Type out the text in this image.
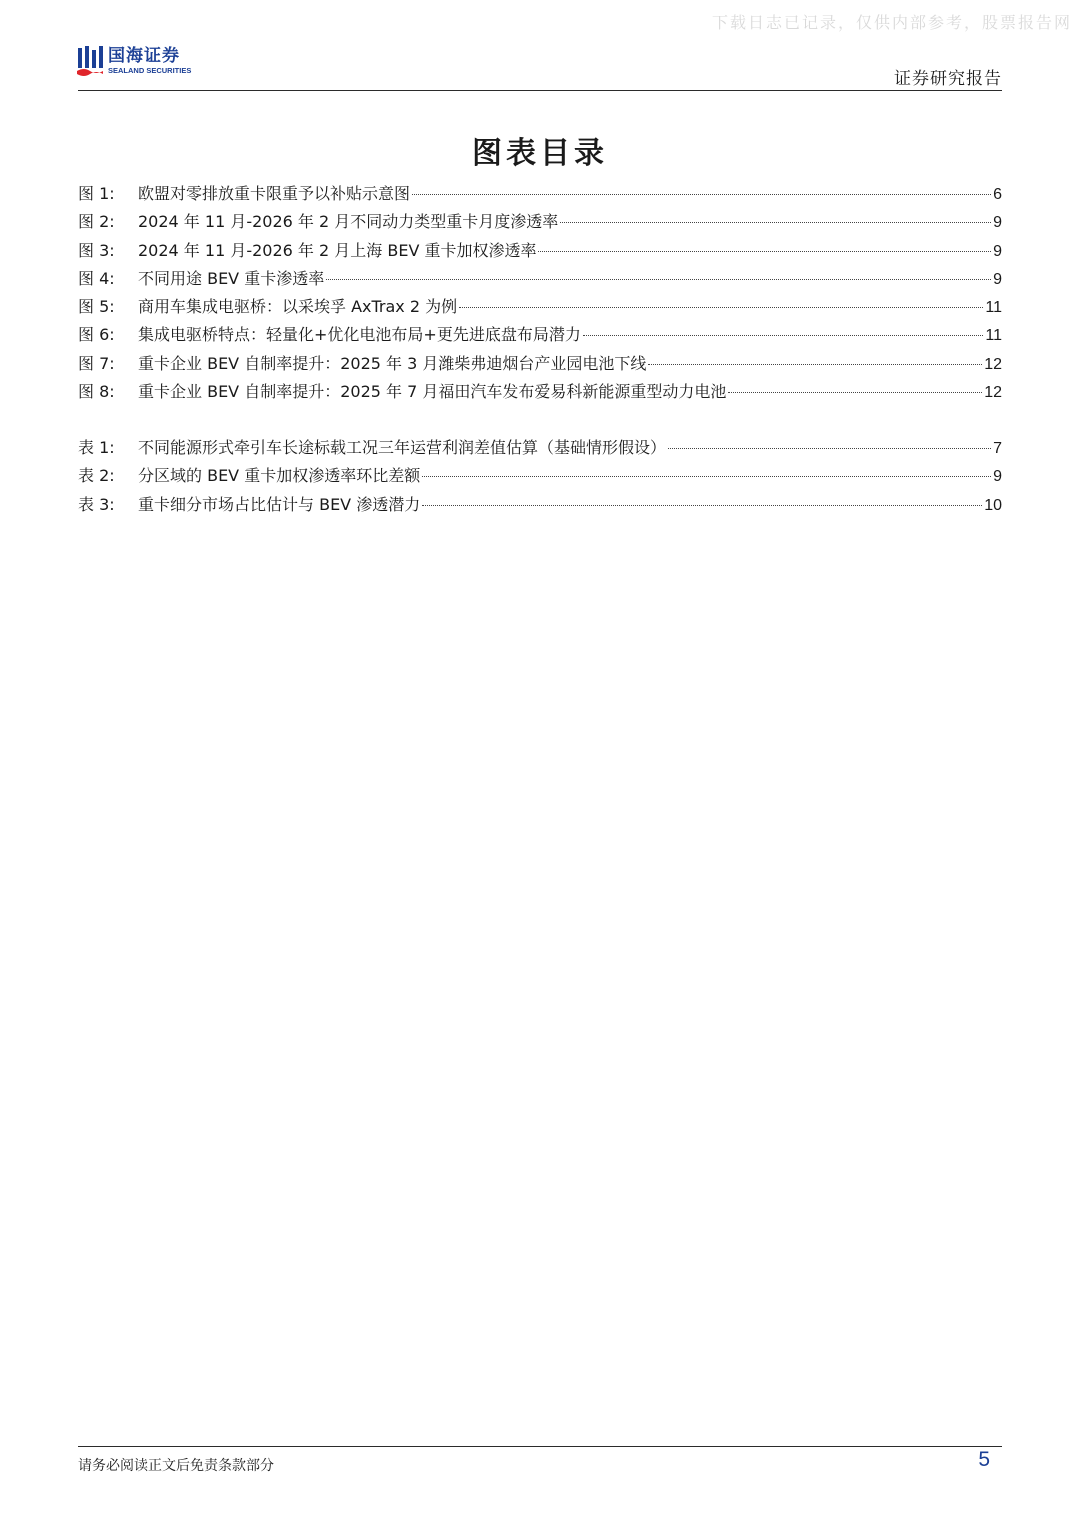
下载日志已记录，仅供内部参考，股票报告网
国海证券
SEALAND SECURITIES	证券研究报告
图表目录
图 1:	欧盟对零排放重卡限重予以补贴示意图	6
图 2:	2024 年 11 月-2026 年 2 月不同动力类型重卡月度渗透率	9
图 3:	2024 年 11 月-2026 年 2 月上海 BEV 重卡加权渗透率	9
图 4:	不同用途 BEV 重卡渗透率	9
图 5:	商用车集成电驱桥：以采埃孚 AxTrax 2 为例	11
图 6:	集成电驱桥特点：轻量化+优化电池布局+更先进底盘布局潜力	11
图 7:	重卡企业 BEV 自制率提升：2025 年 3 月潍柴弗迪烟台产业园电池下线	12
图 8:	重卡企业 BEV 自制率提升：2025 年 7 月福田汽车发布爱易科新能源重型动力电池	12
表 1:	不同能源形式牵引车长途标载工况三年运营利润差值估算（基础情形假设）	7
表 2:	分区域的 BEV 重卡加权渗透率环比差额	9
表 3:	重卡细分市场占比估计与 BEV 渗透潜力	10
请务必阅读正文后免责条款部分	5
